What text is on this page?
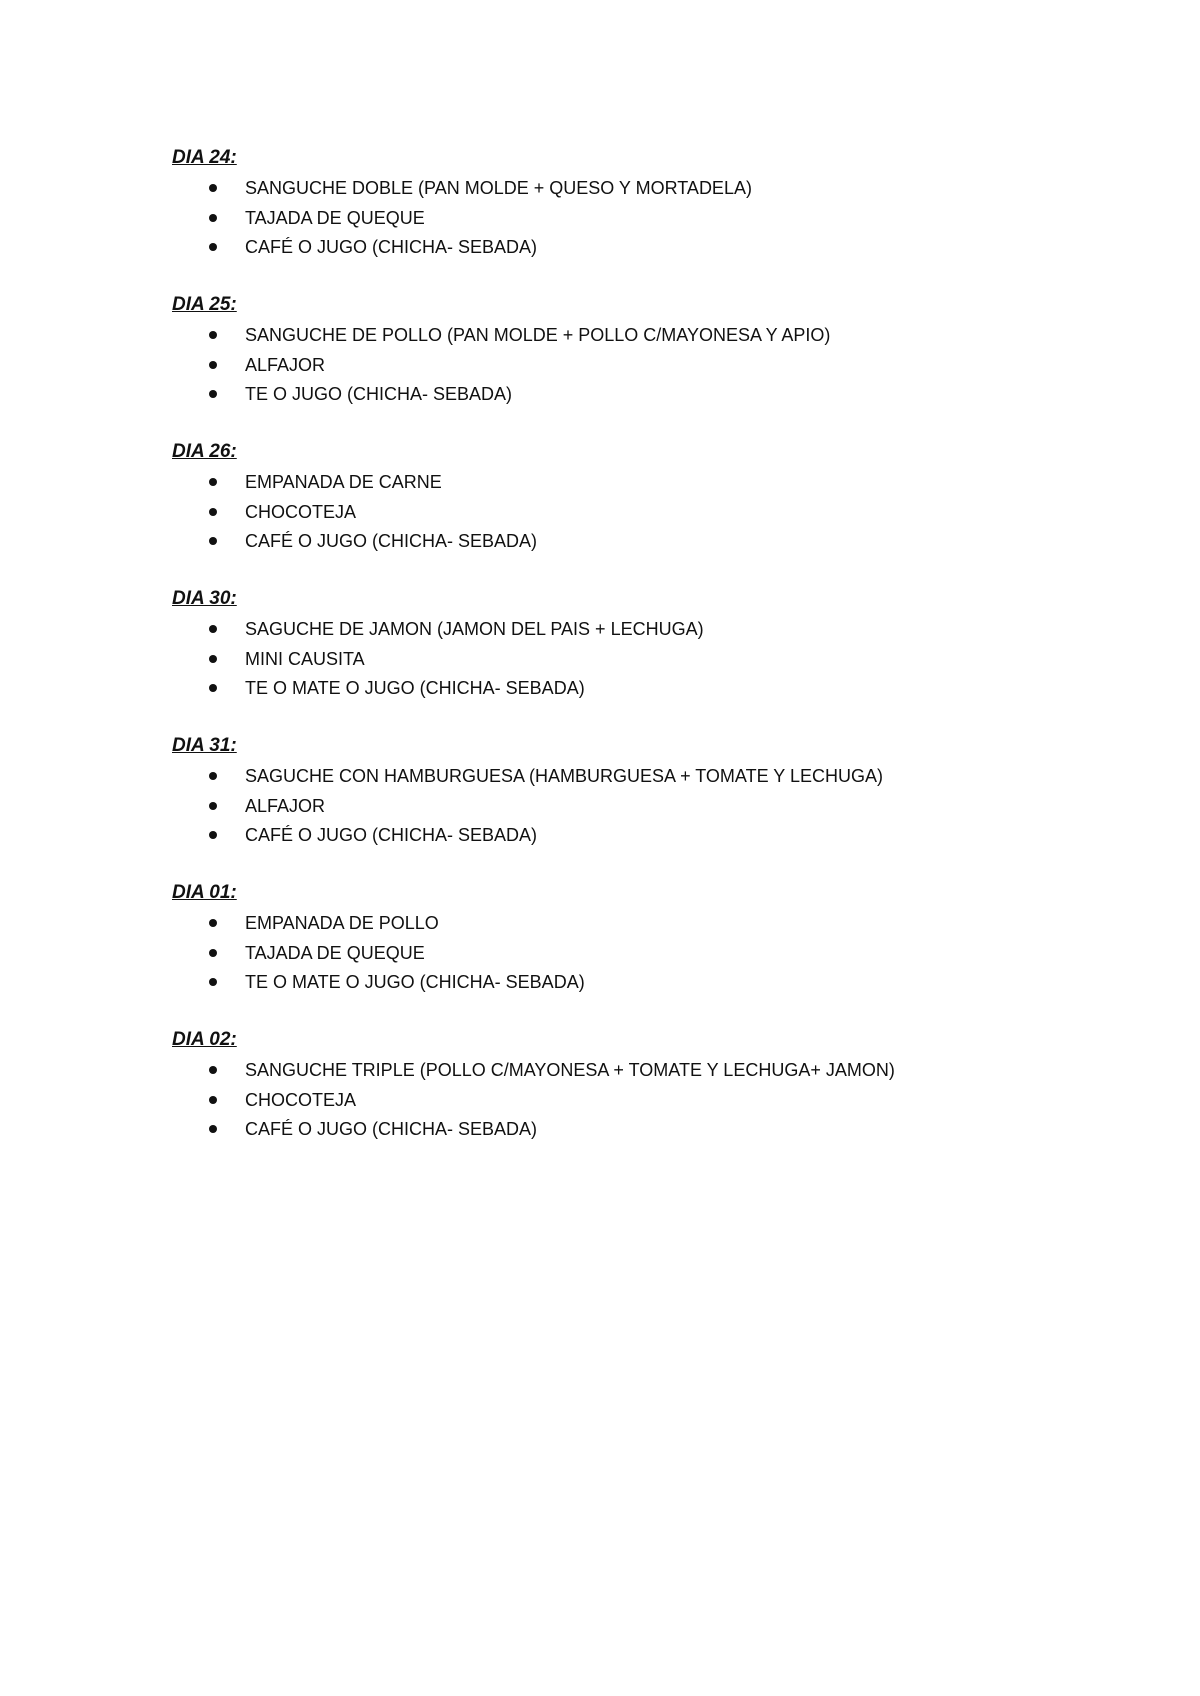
DIA 24:

SANGUCHE DOBLE (PAN MOLDE + QUESO Y MORTADELA)
TAJADA DE QUEQUE
CAFÉ O JUGO (CHICHA- SEBADA)

DIA 25:

SANGUCHE DE POLLO (PAN MOLDE + POLLO C/MAYONESA Y APIO)
ALFAJOR
TE O JUGO (CHICHA- SEBADA)

DIA 26:

EMPANADA DE CARNE
CHOCOTEJA
CAFÉ O JUGO (CHICHA- SEBADA)

DIA 30:

SAGUCHE DE JAMON (JAMON DEL PAIS + LECHUGA)
MINI CAUSITA
TE O MATE O JUGO (CHICHA- SEBADA)

DIA 31:

SAGUCHE CON HAMBURGUESA (HAMBURGUESA + TOMATE Y LECHUGA)
ALFAJOR
CAFÉ O JUGO (CHICHA- SEBADA)

DIA 01:

EMPANADA DE POLLO
TAJADA DE QUEQUE
TE O MATE O JUGO (CHICHA- SEBADA)

DIA 02:

SANGUCHE TRIPLE (POLLO C/MAYONESA + TOMATE Y LECHUGA+ JAMON)
CHOCOTEJA
CAFÉ O JUGO (CHICHA- SEBADA)
